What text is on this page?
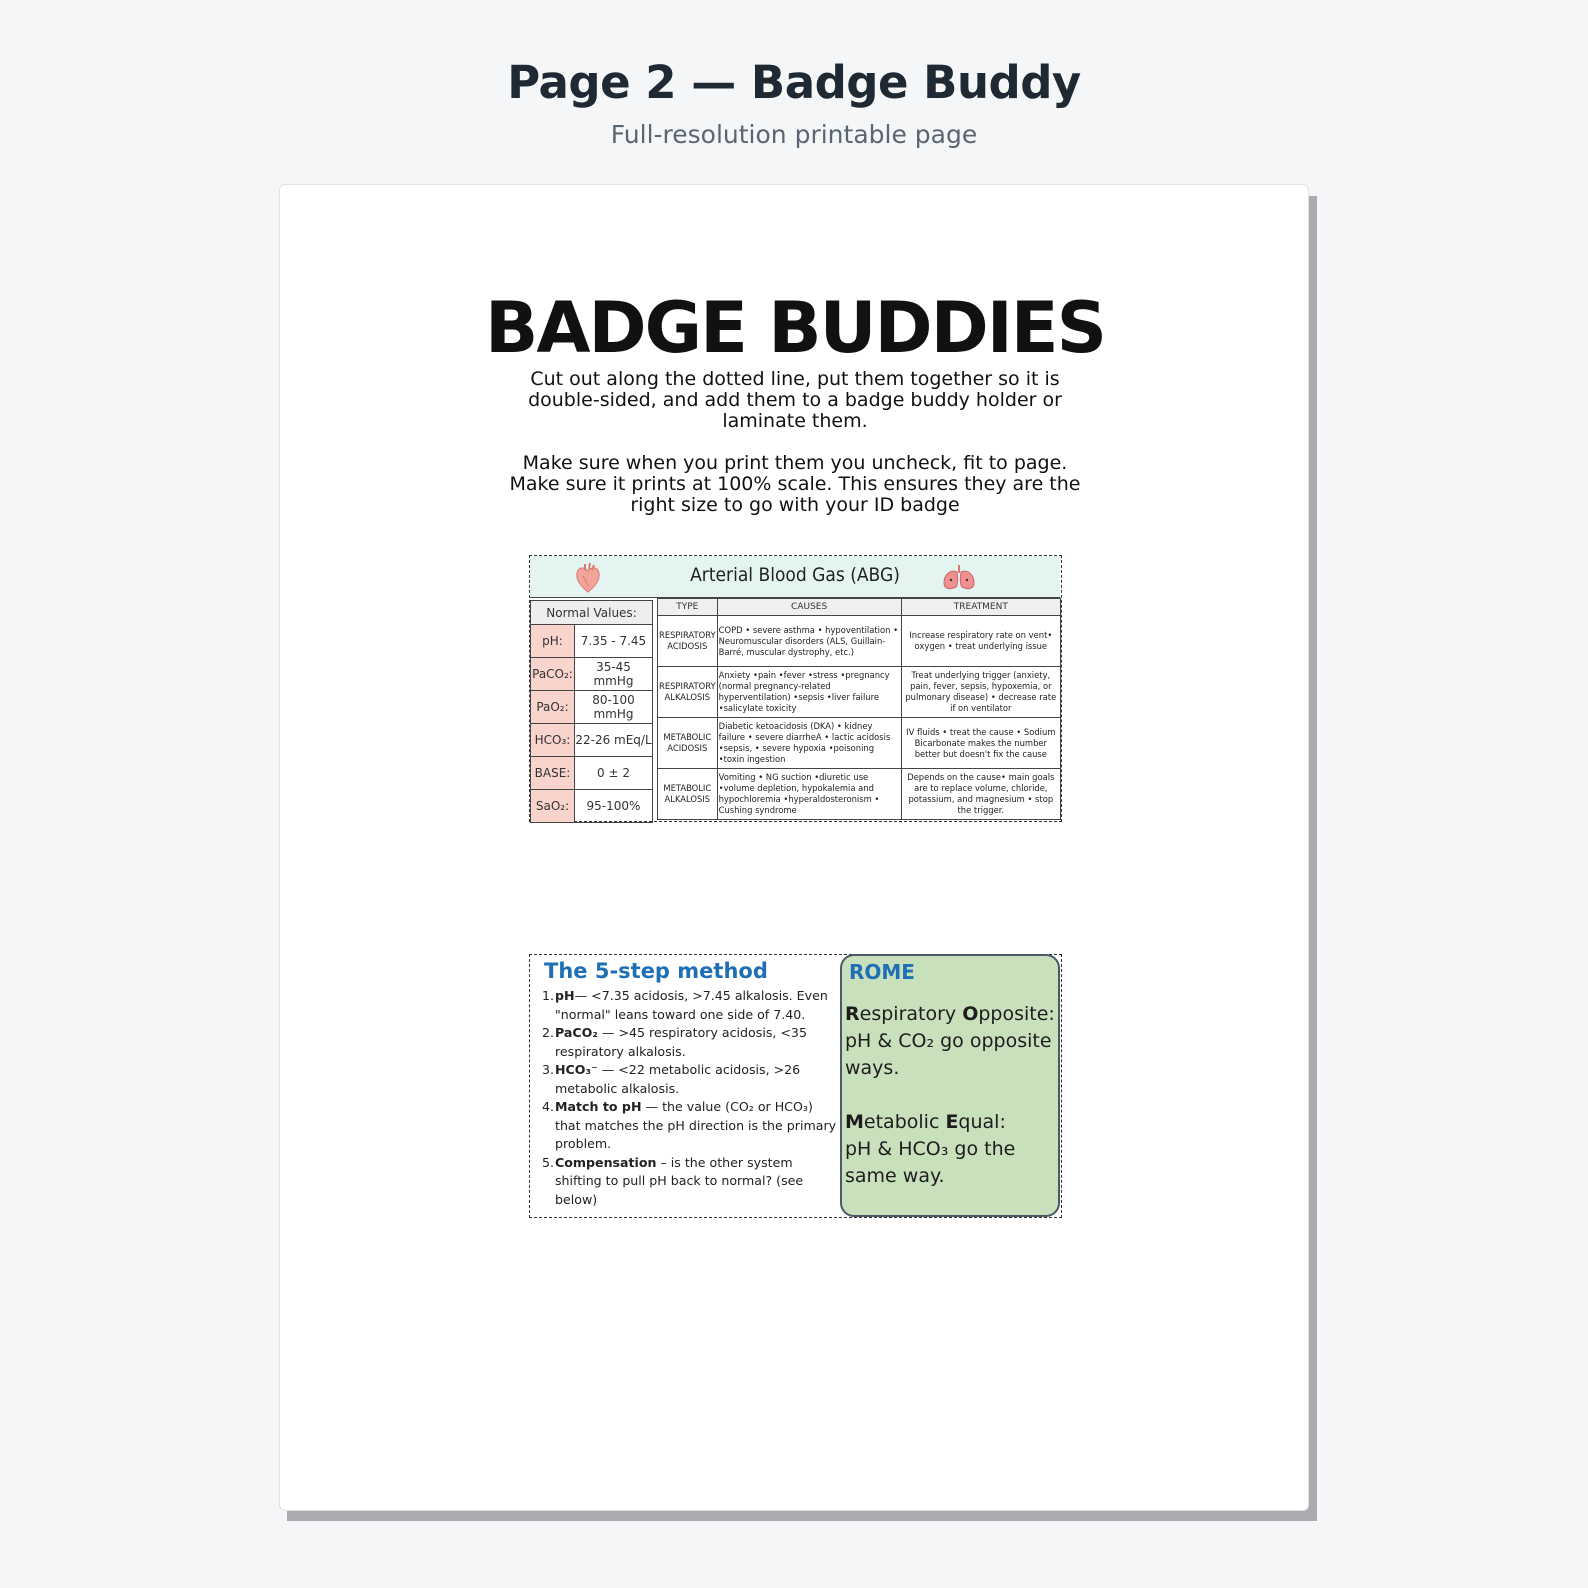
Page 2 — Badge Buddy
Full-resolution printable page
BADGE BUDDIES
Cut out along the dotted line, put them together so it is double-sided, and add them to a badge buddy holder or laminate them.
Make sure when you print them you uncheck, fit to page. Make sure it prints at 100% scale. This ensures they are the right size to go with your ID badge
Arterial Blood Gas (ABG)
Normal Values:	
pH:	7.35 - 7.45
PaCO₂:	35-45 mmHg
PaO₂:	80-100 mmHg
HCO₃:	22-26 mEq/L
BASE:	0 ± 2
SaO₂:	95-100%
TYPE	CAUSES	TREATMENT
RESPIRATORY ACIDOSIS	COPD • severe asthma • hypoventilation • Neuromuscular disorders (ALS, Guillain-Barré, muscular dystrophy, etc.)	Increase respiratory rate on vent• oxygen • treat underlying issue
RESPIRATORY ALKALOSIS	Anxiety •pain •fever •stress •pregnancy (normal pregnancy-related hyperventilation) •sepsis •liver failure •salicylate toxicity	Treat underlying trigger (anxiety, pain, fever, sepsis, hypoxemia, or pulmonary disease) • decrease rate if on ventilator
METABOLIC ACIDOSIS	Diabetic ketoacidosis (DKA) • kidney failure • severe diarrheA • lactic acidosis •sepsis, • severe hypoxia •poisoning •toxin ingestion	IV fluids • treat the cause • Sodium Bicarbonate makes the number better but doesn't fix the cause
METABOLIC ALKALOSIS	Vomiting • NG suction •diuretic use •volume depletion, hypokalemia and hypochloremia •hyperaldosteronism • Cushing syndrome	Depends on the cause• main goals are to replace volume, chloride, potassium, and magnesium • stop the trigger.
The 5-step method
1. pH— <7.35 acidosis, >7.45 alkalosis. Even "normal" leans toward one side of 7.40.
2. PaCO₂ — >45 respiratory acidosis, <35 respiratory alkalosis.
3. HCO₃⁻ — <22 metabolic acidosis, >26 metabolic alkalosis.
4. Match to pH — the value (CO₂ or HCO₃) that matches the pH direction is the primary problem.
5. Compensation – is the other system shifting to pull pH back to normal? (see below)
ROME
Respiratory Opposite:
pH & CO₂ go opposite ways.
Metabolic Equal:
pH & HCO₃ go the same way.
